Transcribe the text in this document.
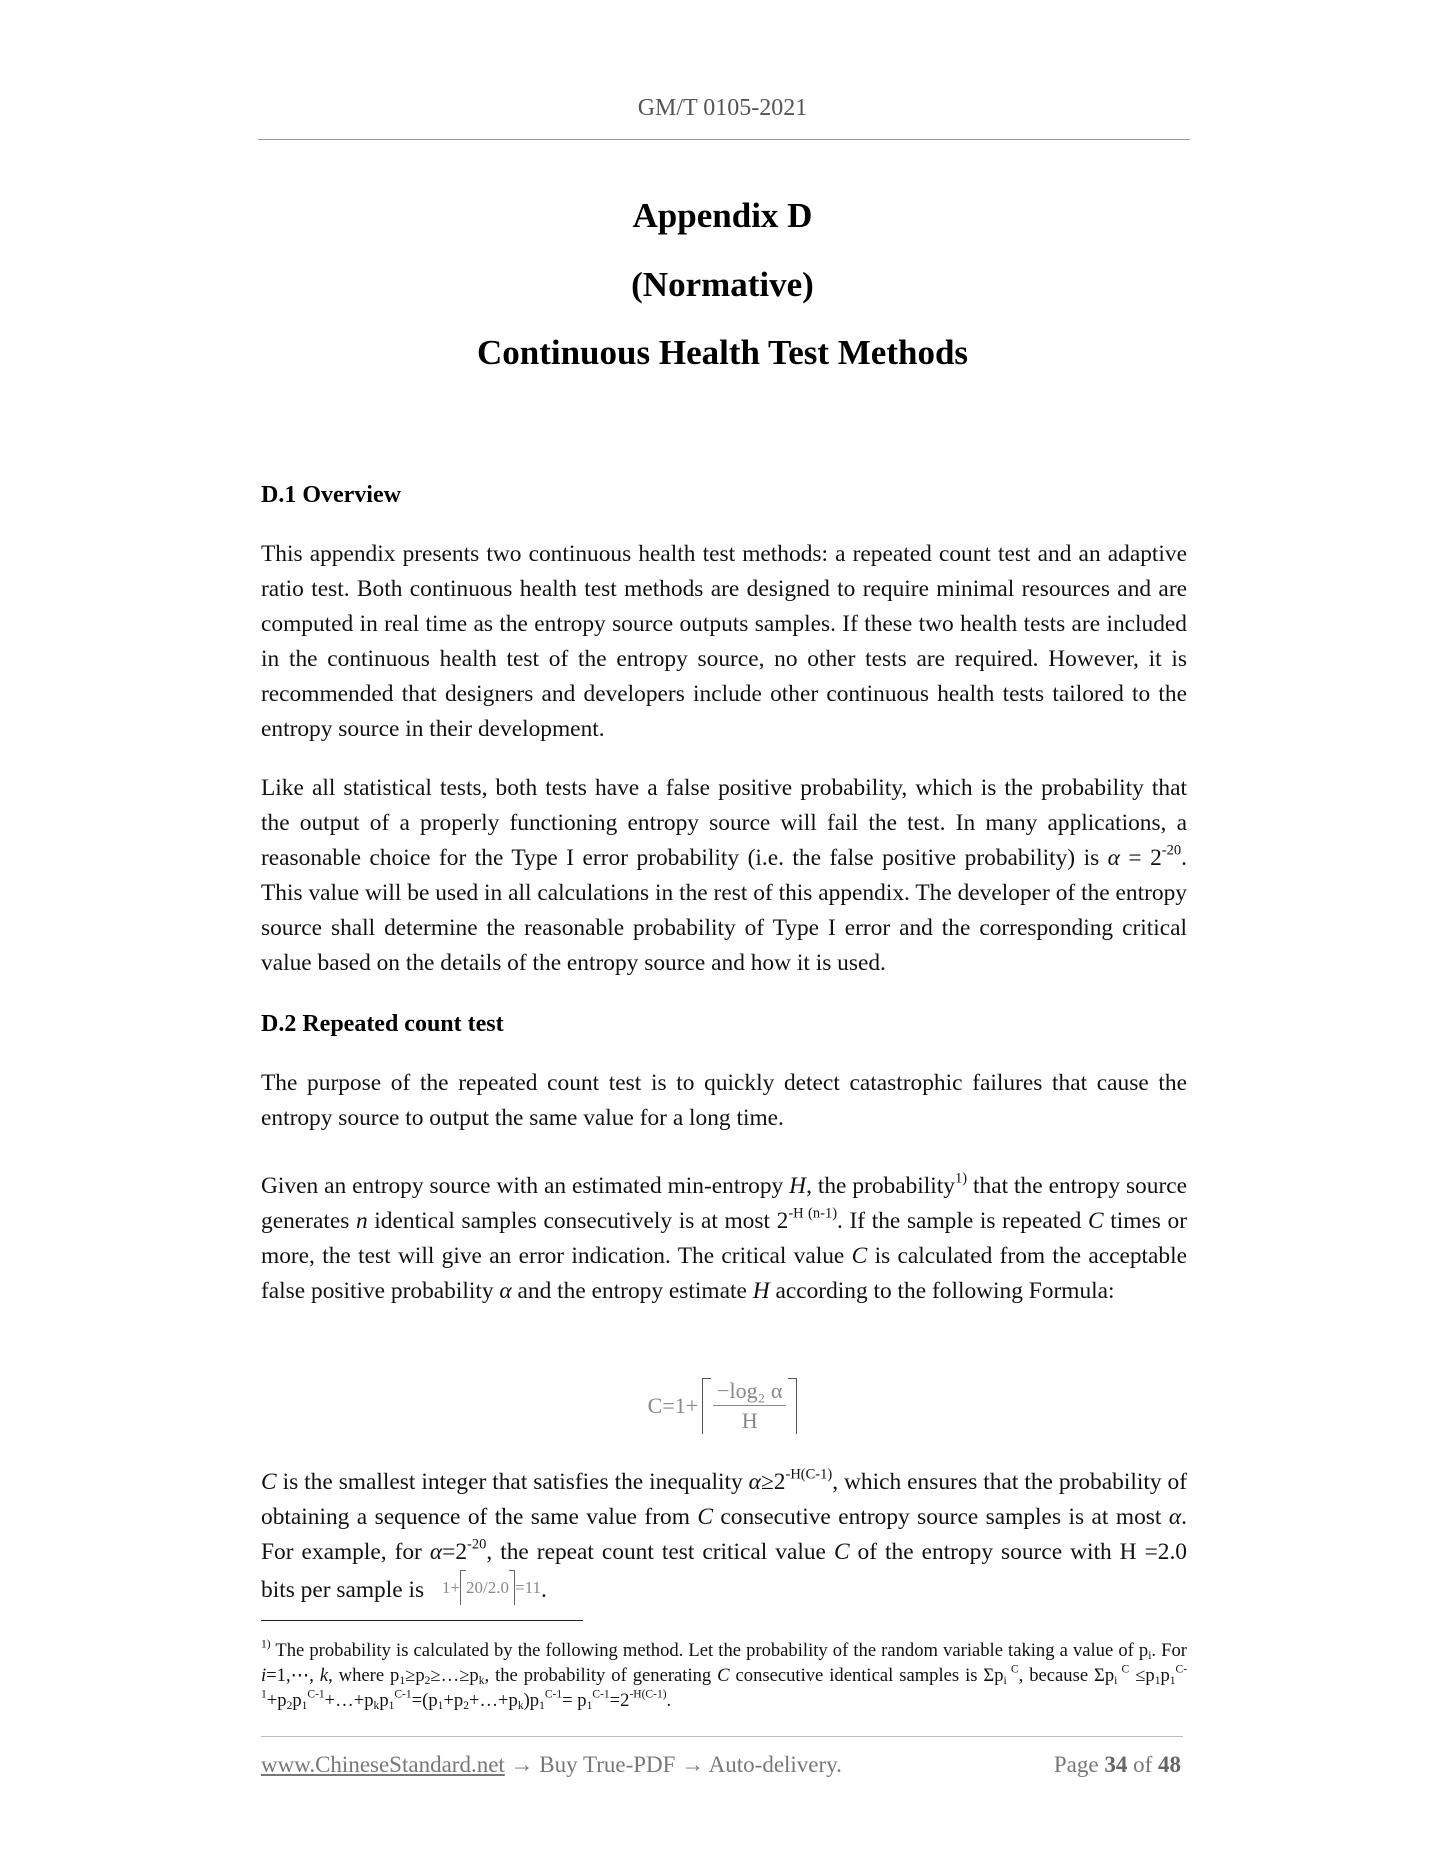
GM/T 0105-2021
Appendix D
(Normative)
Continuous Health Test Methods
D.1 Overview

This appendix presents two continuous health test methods: a repeated count test and an adaptive ratio test. Both continuous health test methods are designed to require minimal resources and are computed in real time as the entropy source outputs samples. If these two health tests are included in the continuous health test of the entropy source, no other tests are required. However, it is recommended that designers and developers include other continuous health tests tailored to the entropy source in their development.

Like all statistical tests, both tests have a false positive probability, which is the probability that the output of a properly functioning entropy source will fail the test. In many applications, a reasonable choice for the Type I error probability (i.e. the false positive probability) is $\alpha = 2^{-20}$. This value will be used in all calculations in the rest of this appendix. The developer of the entropy source shall determine the reasonable probability of Type I error and the corresponding critical value based on the details of the entropy source and how it is used.

D.2 Repeated count test

The purpose of the repeated count test is to quickly detect catastrophic failures that cause the entropy source to output the same value for a long time.

Given an entropy source with an estimated min-entropy H, the probability$^{1)}$ that the entropy source generates n identical samples consecutively is at most $2^{-H (n-1)}$. If the sample is repeated C times or more, the test will give an error indication. The critical value C is calculated from the acceptable false positive probability α and the entropy estimate H according to the following Formula:

$C=1+ \frac{\text{−log₂ α}}{H}$

C is the smallest integer that satisfies the inequality $\alpha\ge 2^{-H(C-1)}$, which ensures that the probability of obtaining a sequence of the same value from C consecutive entropy source samples is at most α. For example, for $\alpha=2^{-20}$, the repeat count test critical value C of the entropy source with H =2.0 bits per sample is 1+ 20/2.0 =11.

$^{1)}$ The probability is calculated by the following method. Let the probability of the random variable taking a value of $p_i$. For i=1,⋯, k, where $p_1\ge p_2\ge\dots\ge p_k$, the probability of generating C consecutive identical samples is $\Sigma p_i$ $^C$, because $\Sigma p_i$ $^C \le p_1p_1^{C-1}+p_2p_1^{C-1}+\dots+p_kp_1^{C-1}=(p_1+p_2+\dots+p_k)p_1^{C-1}= p_1^{C-1}=2^{-H(C-1)}$.

www.ChineseStandard.net → Buy True-PDF → Auto-delivery.	Page 34 of 48
